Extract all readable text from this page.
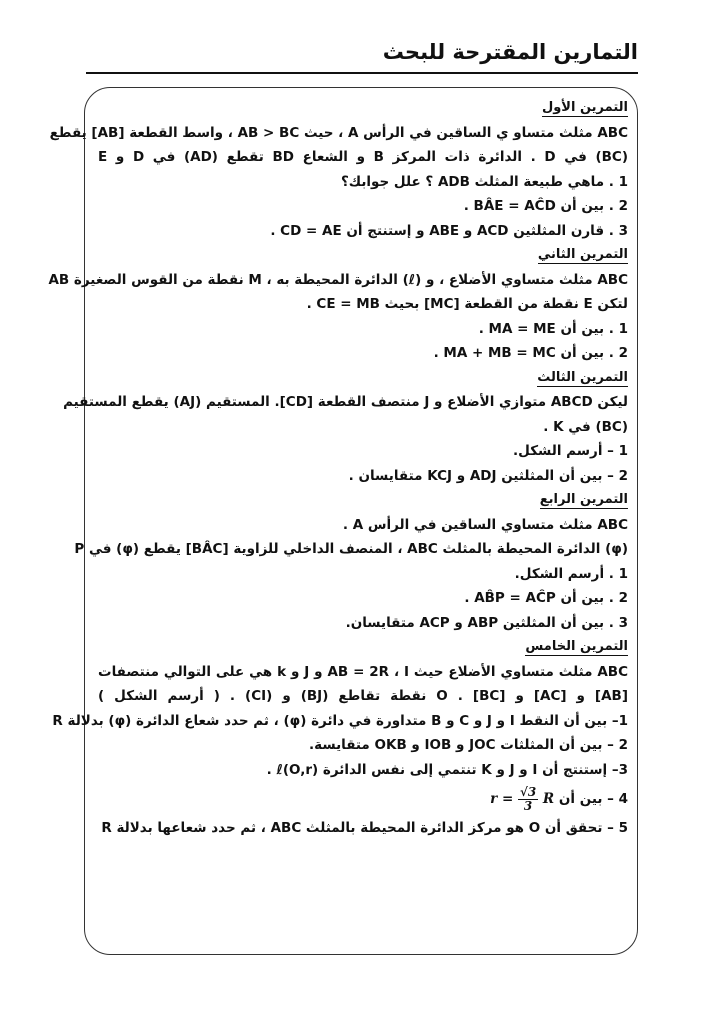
التمارين المقترحة للبحث
التمرين الأول
ABC مثلث متساو ي الساقين في الرأس A ، حيث AB > BC ، واسط القطعة [AB] يقطع
(BC) في D . الدائرة ذات المركز B و الشعاع BD تقطع (AD) في D و E
1 . ماهي طبيعة المثلث ADB ؟ علل جوابك؟
2 . بين أن BÂE = AĈD .
3 . قارن المثلثين ACD و ABE و إستنتج أن CD = AE .
التمرين الثاني
ABC مثلث متساوي الأضلاع ، و (ℓ) الدائرة المحيطة به ، M نقطة من القوس الصغيرة AB
لتكن E نقطة من القطعة [MC] بحيث CE = MB .
1 . بين أن MA = ME .
2 . بين أن MA + MB = MC .
التمرين الثالث
ليكن ABCD متوازي الأضلاع و J منتصف القطعة [CD]. المستقيم (AJ) يقطع المستقيم
(BC) في K .
1 – أرسم الشكل.
2 – بين أن المثلثين ADJ و KCJ متقايسان .
التمرين الرابع
ABC مثلث متساوي الساقين في الرأس A .
(φ) الدائرة المحيطة بالمثلث ABC ، المنصف الداخلي للزاوية [BÂC] يقطع (φ) في P
1 . أرسم الشكل.
2 . بين أن AB̂P = AĈP .
3 . بين أن المثلثين ABP و ACP متقايسان.
التمرين الخامس
ABC مثلث متساوي الأضلاع حيث AB = 2R ، I و J و k هي على التوالي منتصفات
[AB] و [AC] و [BC] . O نقطة تقاطع (BJ) و (CI) . ( أرسم الشكل )
1– بين أن النقط I و J و C و B متداورة في دائرة (φ) ، ثم حدد شعاع الدائرة (φ) بدلالة R
2 – بين أن المثلثات JOC و IOB و OKB متقايسة.
3– إستنتج أن I و J و K تنتمي إلى نفس الدائرة ℓ(O,r) .
4 – بين أن $r = \frac{√3}{3}$ R
5 – تحقق أن O هو مركز الدائرة المحيطة بالمثلث ABC ، ثم حدد شعاعها بدلالة R
